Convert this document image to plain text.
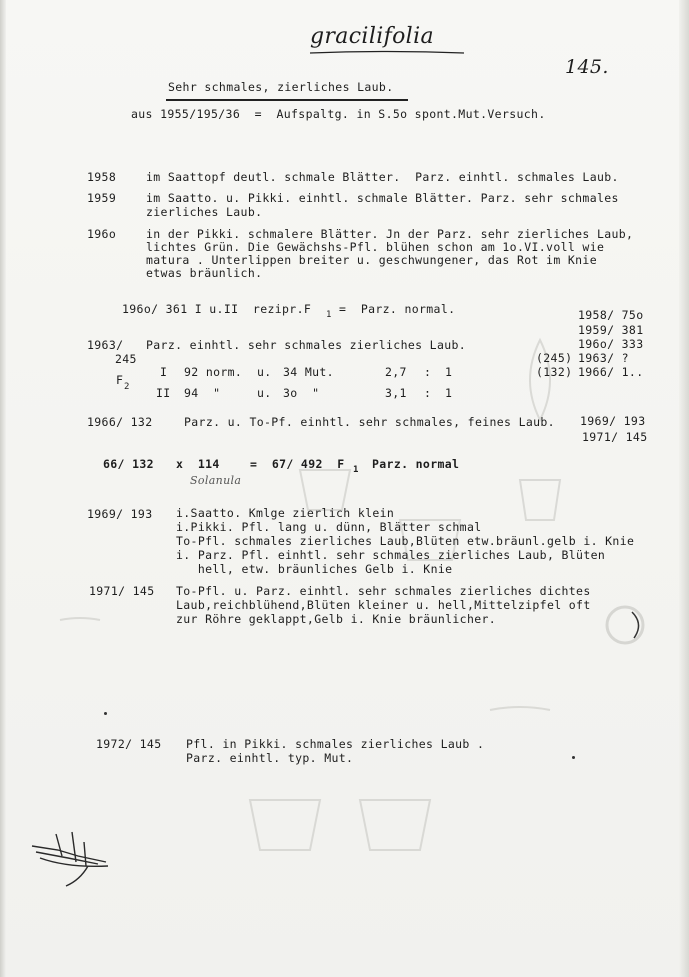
gracilifolia
145.
Sehr schmales, zierliches Laub.
aus 1955/195/36  =  Aufspaltg. in S.5o spont.Mut.Versuch.
1958	im Saattopf deutl. schmale Blätter.  Parz. einhtl. schmales Laub.
1959	im Saatto. u. Pikki. einhtl. schmale Blätter. Parz. sehr schmales
zierliches Laub.
196o	in der Pikki. schmalere Blätter. Jn der Parz. sehr zierliches Laub,
lichtes Grün. Die Gewächshs-Pfl. blühen schon am 1o.VI.voll wie
matura . Unterlippen breiter u. geschwungener, das Rot im Knie
etwas bräunlich.
196o/ 361 I u.II  rezipr.F 1 =  Parz. normal.	1958/ 75o
1959/ 381
196o/ 333
(245) 1963/ ?
(132) 1966/ 1..
1963/ Parz. einhtl. sehr schmales zierliches Laub.
245
F 2
I 92 norm. u. 34 Mut.	2,7 : 1
II 94  "	u. 3o  "	3,1 : 1
1966/ 132	Parz. u. To-Pf. einhtl. sehr schmales, feines Laub. 1969/ 193
1971/ 145
66/ 132 x  114	=  67/ 492  F 1 Parz. normal
Solanula
1969/ 193 i.Saatto. Kmlge zierlich klein
i.Pikki. Pfl. lang u. dünn, Blätter schmal
To-Pfl. schmales zierliches Laub,Blüten etw.bräunl.gelb i. Knie
i. Parz. Pfl. einhtl. sehr schmales zierliches Laub, Blüten
hell, etw. bräunliches Gelb i. Knie
1971/ 145 To-Pfl. u. Parz. einhtl. sehr schmales zierliches dichtes
Laub,reichblühend,Blüten kleiner u. hell,Mittelzipfel oft
zur Röhre geklappt,Gelb i. Knie bräunlicher.
1972/ 145 Pfl. in Pikki. schmales zierliches Laub .
Parz. einhtl. typ. Mut.
